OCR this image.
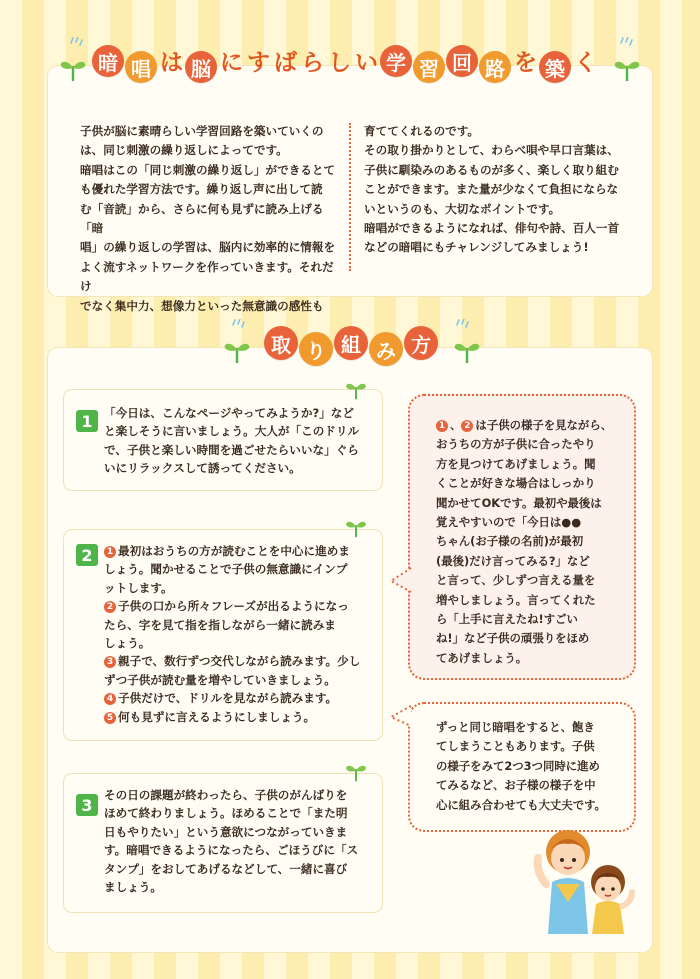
暗 唱 は 脳 に す ば ら し い 学 習 回 路 を 築 く

子供が脳に素晴らしい学習回路を築いていくの

は、同じ刺激の繰り返しによってです。

暗唱はこの「同じ刺激の繰り返し」ができるとて

も優れた学習方法です。繰り返し声に出して読

む「音読」から、さらに何も見ずに読み上げる「暗

唱」の繰り返しの学習は、脳内に効率的に情報を

よく流すネットワークを作っていきます。それだけ

でなく集中力、想像力といった無意識の感性も

育ててくれるのです。

その取り掛かりとして、わらべ唄や早口言葉は、

子供に馴染みのあるものが多く、楽しく取り組む

ことができます。また量が少なくて負担にならな

いというのも、大切なポイントです。

暗唱ができるようになれば、俳句や詩、百人一首

などの暗唱にもチャレンジしてみましょう!

取 り 組 み 方
1 「今日は、こんなページやってみようか?」など

と楽しそうに言いましょう。大人が「このドリル

で、子供と楽しい時間を過ごせたらいいな」ぐら

いにリラックスして誘ってください。

2	1 最初はおうちの方が読むことを中心に進めま

しょう。聞かせることで子供の無意識にインプ

ットします。

2 子供の口から所々フレーズが出るようになっ

たら、字を見て指を指しながら一緒に読みま

しょう。

3 親子で、数行ずつ交代しながら読みます。少し

ずつ子供が読む量を増やしていきましょう。

4 子供だけで、ドリルを見ながら読みます。

5 何も見ずに言えるようにしましょう。

3

その日の課題が終わったら、子供のがんばりを

ほめて終わりましょう。ほめることで「また明

日もやりたい」という意欲につながっていきま

す。暗唱できるようになったら、ごほうびに「ス

タンプ」をおしてあげるなどして、一緒に喜び

ましょう。

1 、 2 は子供の様子を見ながら、

おうちの方が子供に合ったやり

方を見つけてあげましょう。聞

くことが好きな場合はしっかり

聞かせてOKです。最初や最後は

覚えやすいので「今日は●●

ちゃん(お子様の名前)が最初

(最後)だけ言ってみる?」など

と言って、少しずつ言える量を

増やしましょう。言ってくれた

ら「上手に言えたね!すごい

ね!」など子供の頑張りをほめ

てあげましょう。

ずっと同じ暗唱をすると、飽き

てしまうこともあります。子供

の様子をみて2つ3つ同時に進め

てみるなど、お子様の様子を中

心に組み合わせても大丈夫です。
